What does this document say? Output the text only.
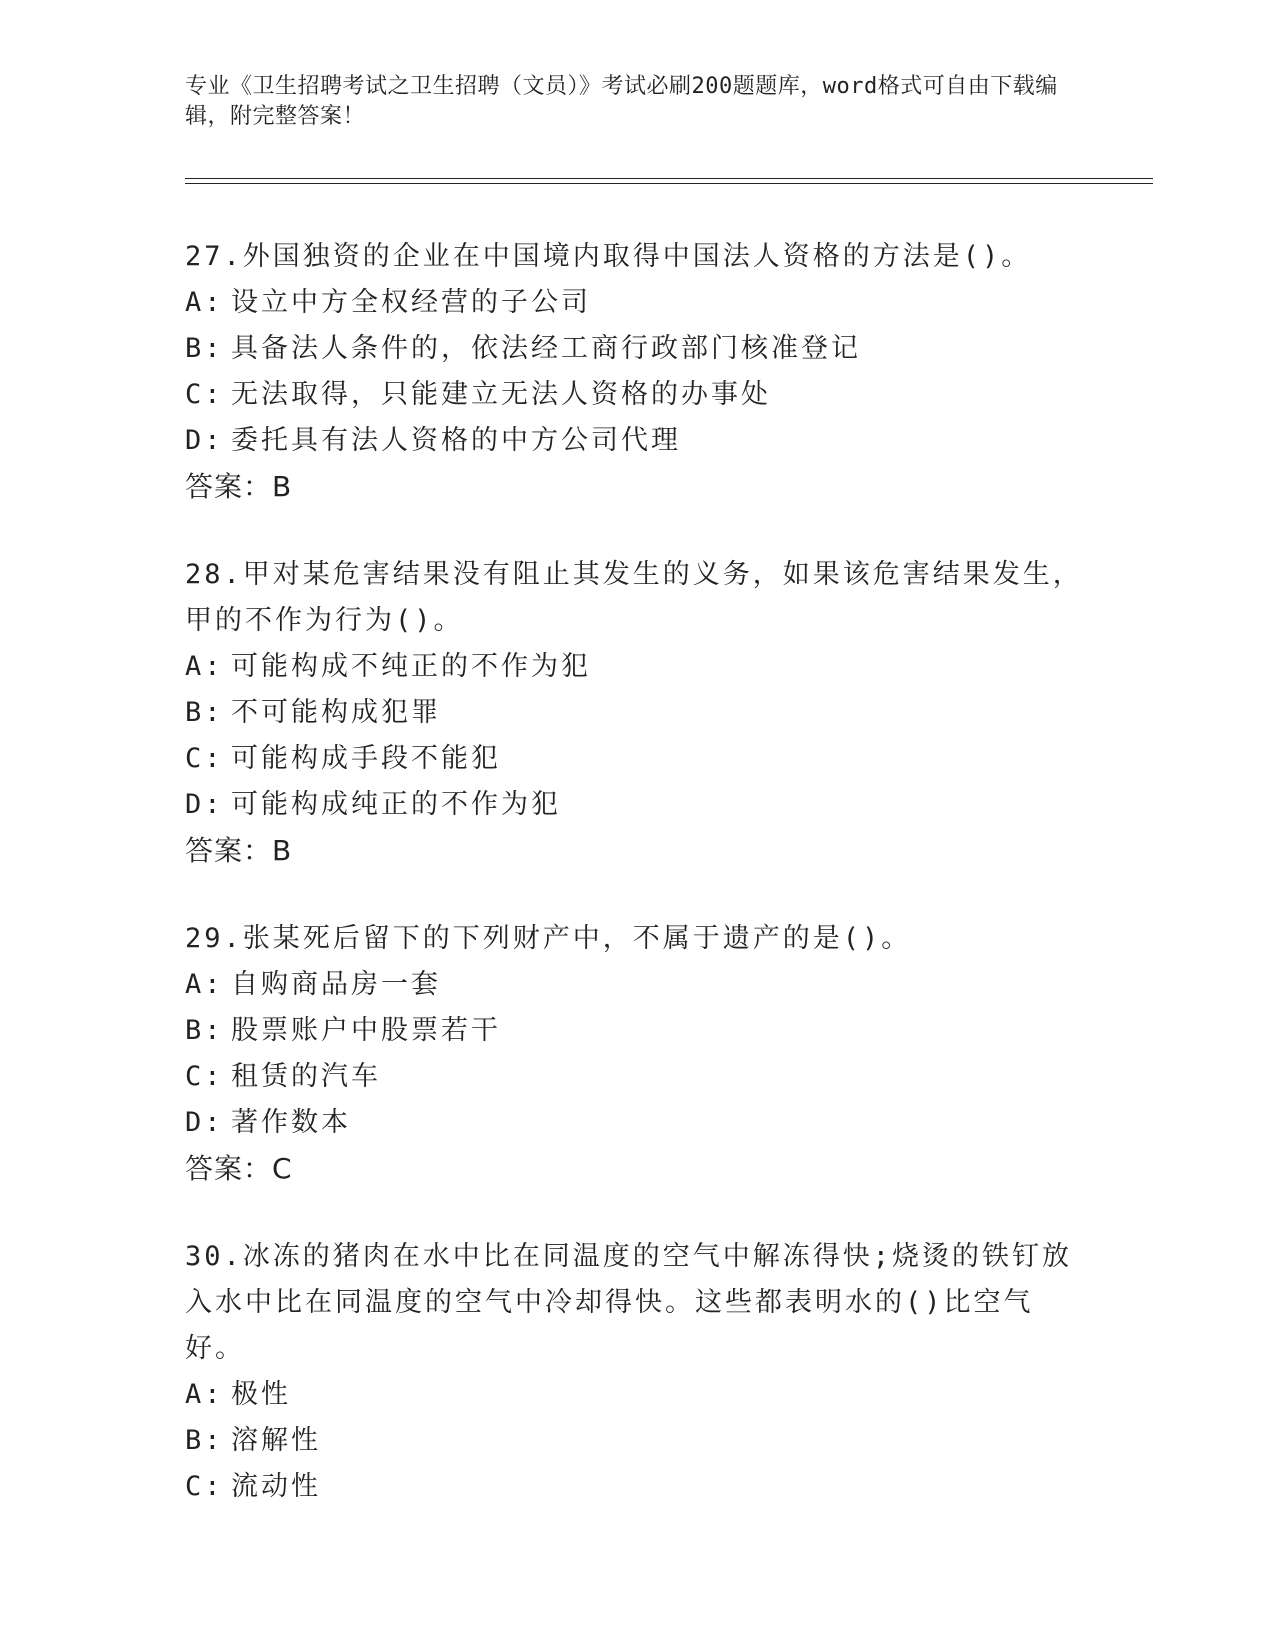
专业《卫生招聘考试之卫生招聘（文员）》考试必刷200题题库，word格式可自由下载编辑，附完整答案！

27.外国独资的企业在中国境内取得中国法人资格的方法是()。

A: 设立中方全权经营的子公司

B: 具备法人条件的，依法经工商行政部门核准登记

C: 无法取得，只能建立无法人资格的办事处

D: 委托具有法人资格的中方公司代理

答案：B

28.甲对某危害结果没有阻止其发生的义务，如果该危害结果发生，甲的不作为行为()。

A: 可能构成不纯正的不作为犯

B: 不可能构成犯罪

C: 可能构成手段不能犯

D: 可能构成纯正的不作为犯

答案：B

29.张某死后留下的下列财产中，不属于遗产的是()。

A: 自购商品房一套

B: 股票账户中股票若干

C: 租赁的汽车

D: 著作数本

答案：C

30.冰冻的猪肉在水中比在同温度的空气中解冻得快;烧烫的铁钉放入水中比在同温度的空气中冷却得快。这些都表明水的()比空气好。

A: 极性

B: 溶解性

C: 流动性
